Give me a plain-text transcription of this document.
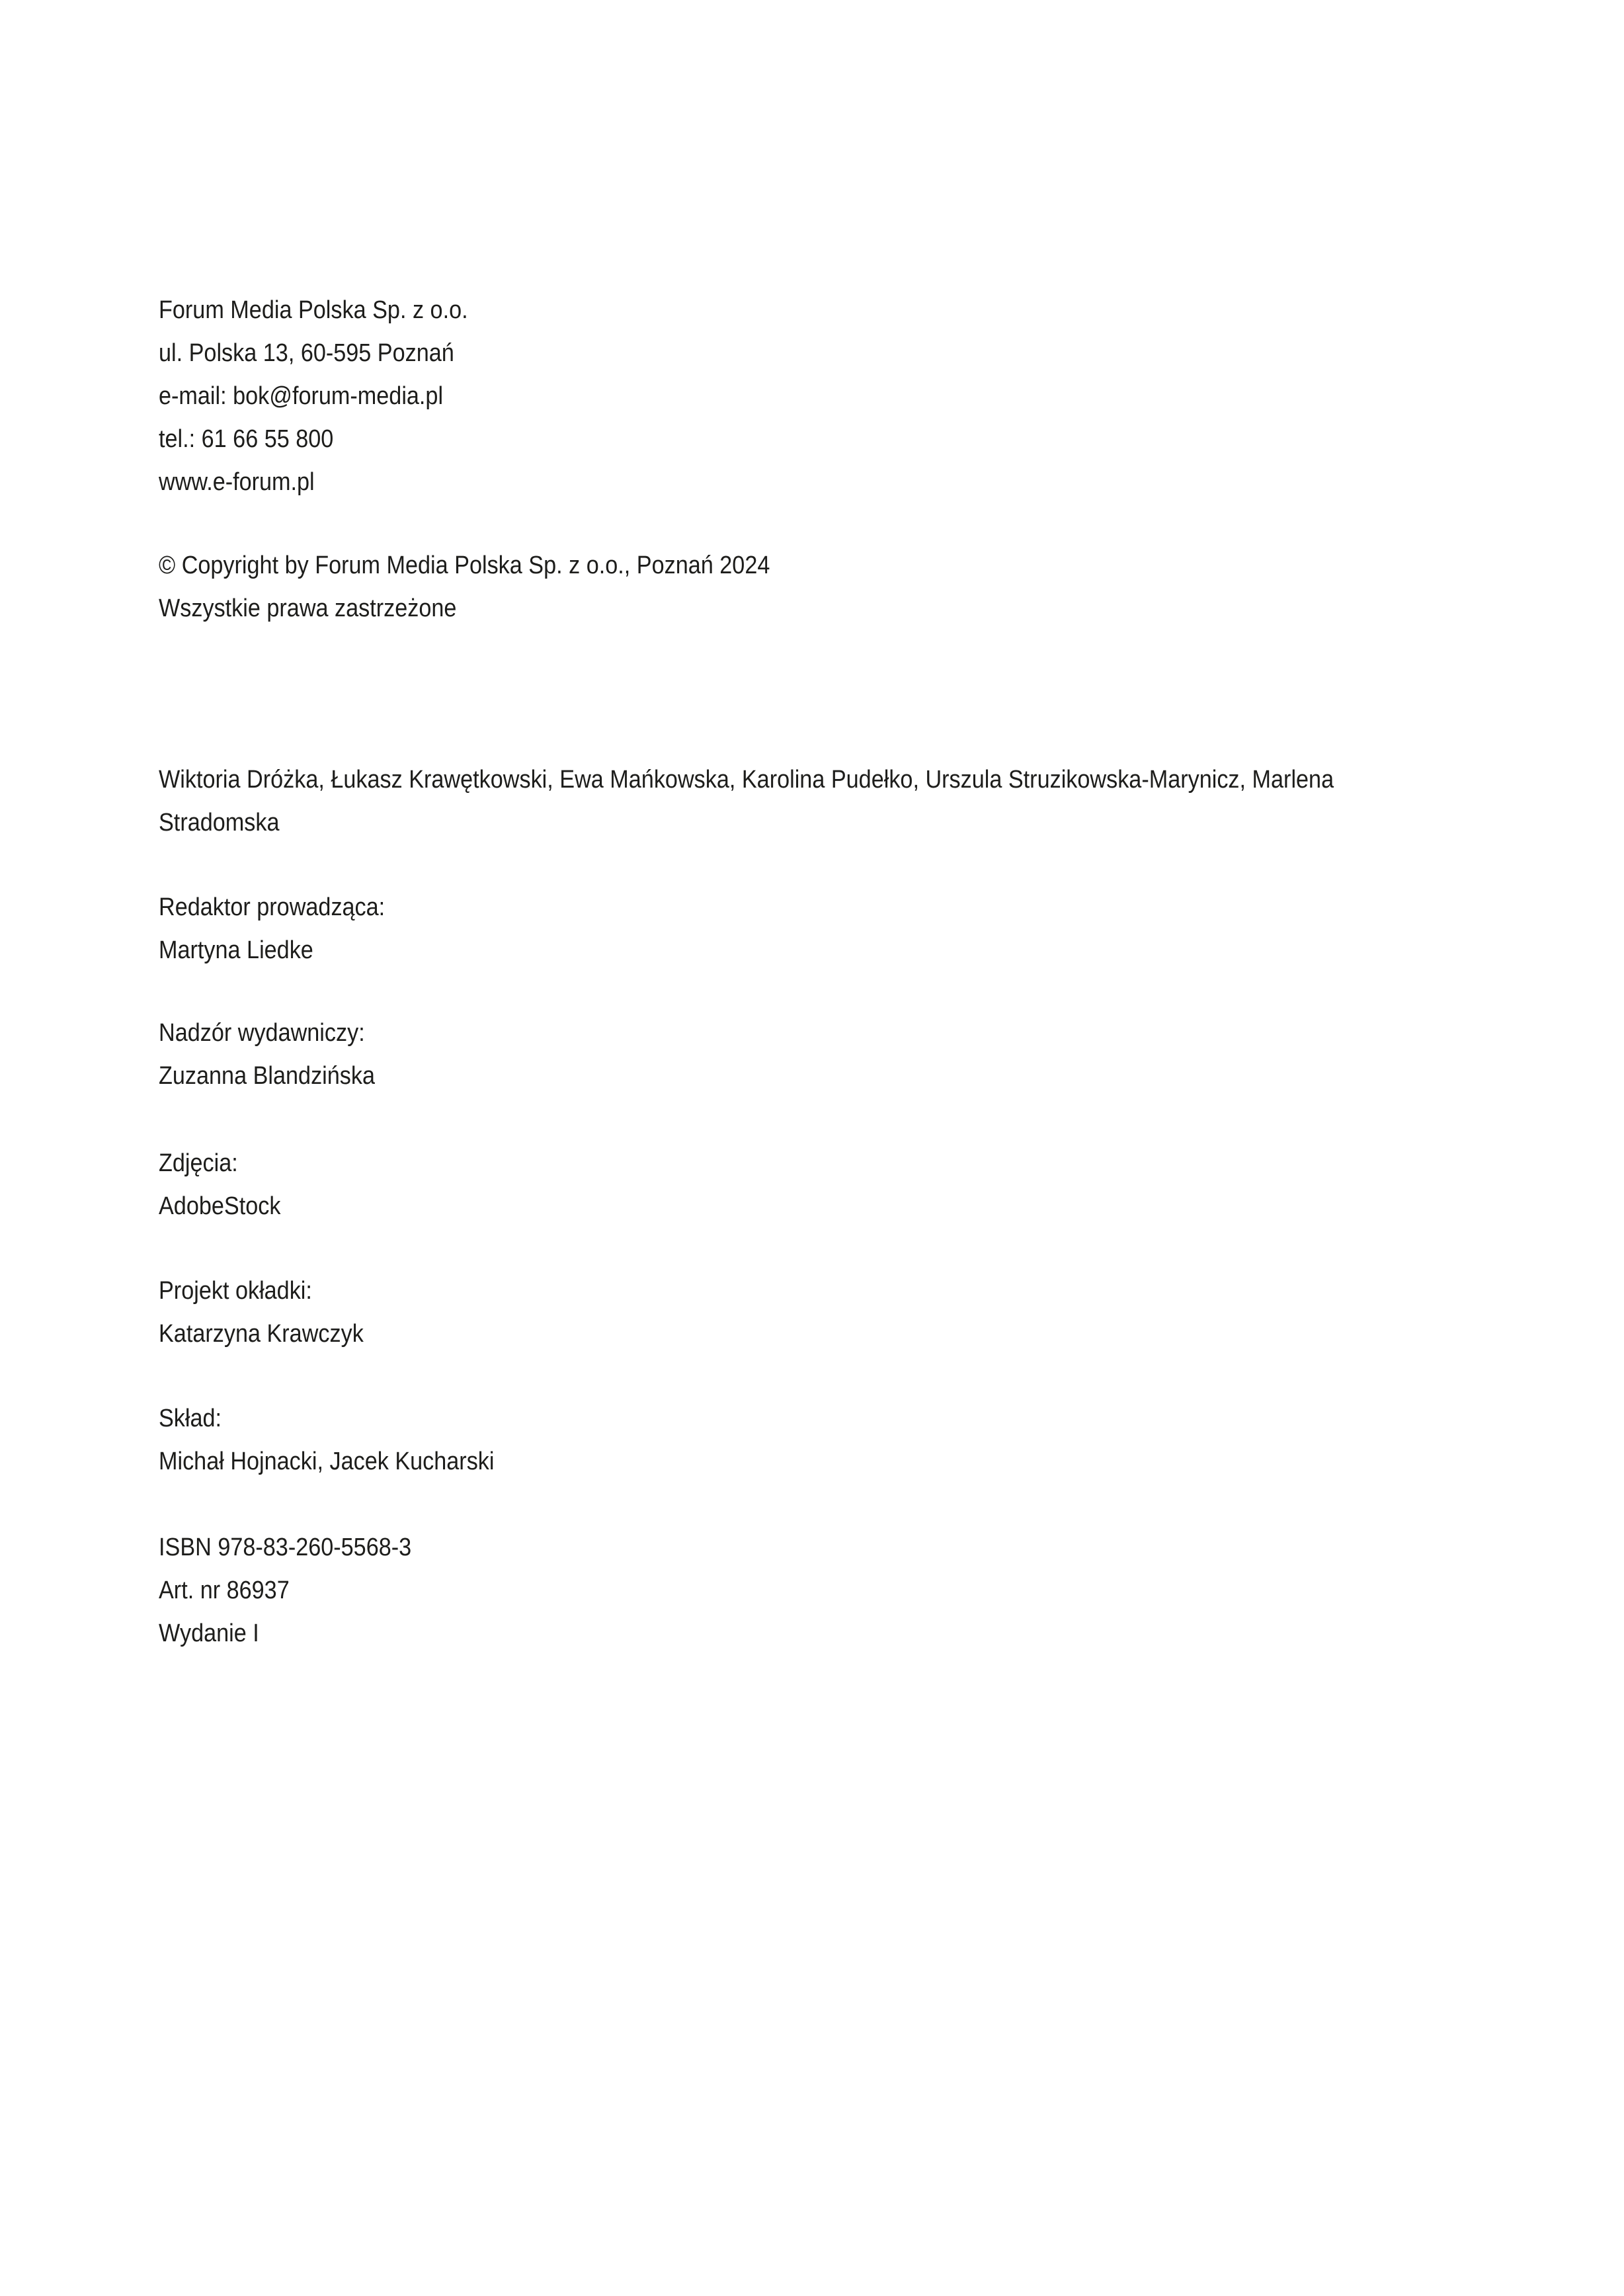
Forum Media Polska Sp. z o.o.
ul. Polska 13, 60-595 Poznań
e-mail: bok@forum-media.pl
tel.: 61 66 55 800
www.e-forum.pl
© Copyright by Forum Media Polska Sp. z o.o., Poznań 2024
Wszystkie prawa zastrzeżone
Wiktoria Dróżka, Łukasz Krawętkowski, Ewa Mańkowska, Karolina Pudełko, Urszula Struzikowska-Marynicz, Marlena
Stradomska
Redaktor prowadząca:
Martyna Liedke
Nadzór wydawniczy:
Zuzanna Blandzińska
Zdjęcia:
AdobeStock
Projekt okładki:
Katarzyna Krawczyk
Skład:
Michał Hojnacki, Jacek Kucharski
ISBN 978-83-260-5568-3
Art. nr 86937
Wydanie I
